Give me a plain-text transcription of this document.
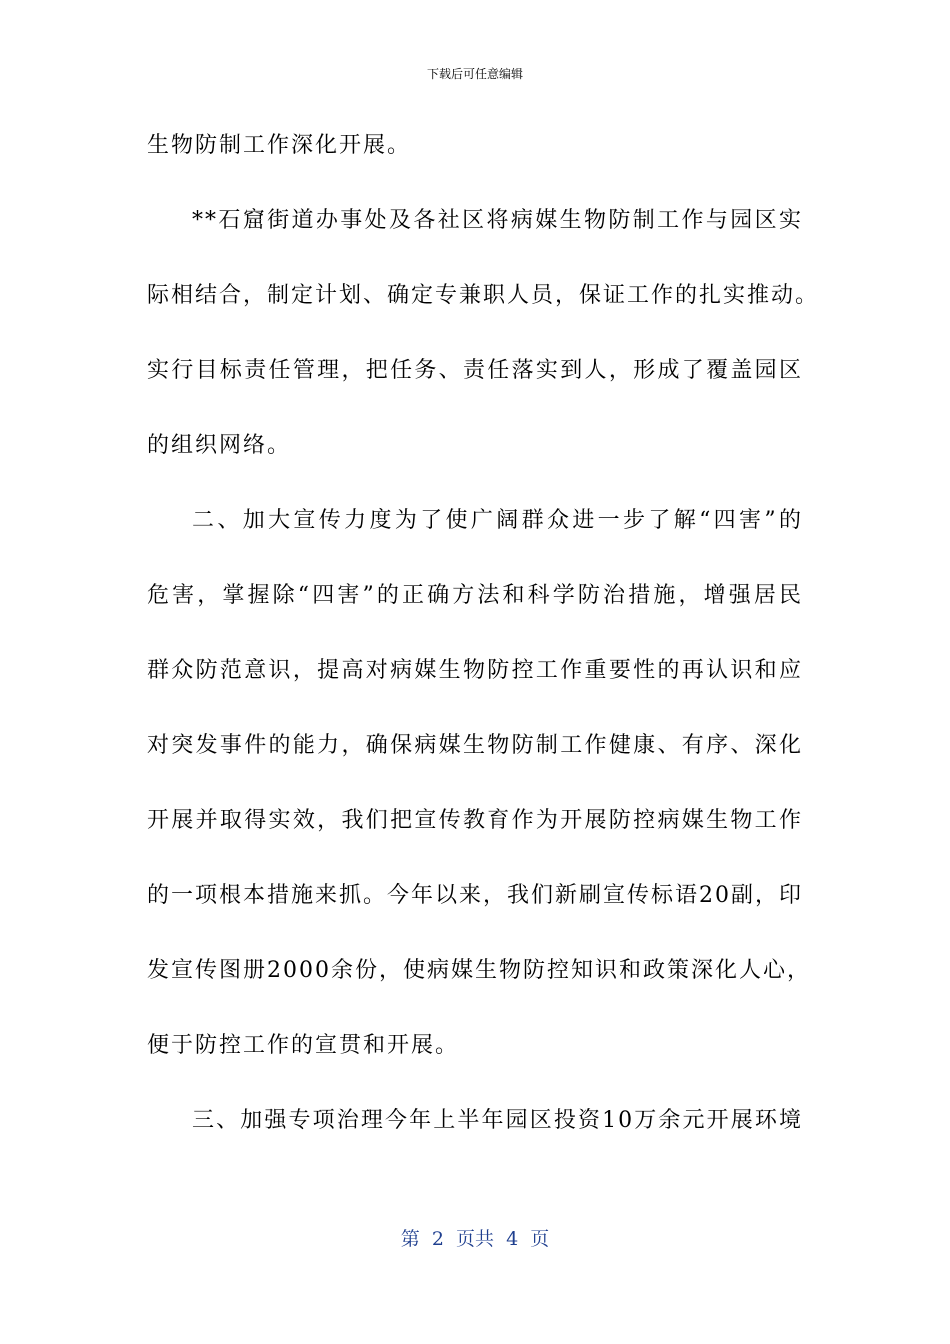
下载后可任意编辑
生物防制工作深化开展。
**石窟街道办事处及各社区将病媒生物防制工作与园区实
际相结合，制定计划、确定专兼职人员，保证工作的扎实推动。
实行目标责任管理，把任务、责任落实到人，形成了覆盖园区
的组织网络。
二、加大宣传力度为了使广阔群众进一步了解“四害”的
危害，掌握除“四害”的正确方法和科学防治措施，增强居民
群众防范意识，提高对病媒生物防控工作重要性的再认识和应
对突发事件的能力，确保病媒生物防制工作健康、有序、深化
开展并取得实效，我们把宣传教育作为开展防控病媒生物工作
的一项根本措施来抓。今年以来，我们新刷宣传标语20副，印
发宣传图册2000余份，使病媒生物防控知识和政策深化人心，
便于防控工作的宣贯和开展。
三、加强专项治理今年上半年园区投资10万余元开展环境
第  2  页共  4  页
